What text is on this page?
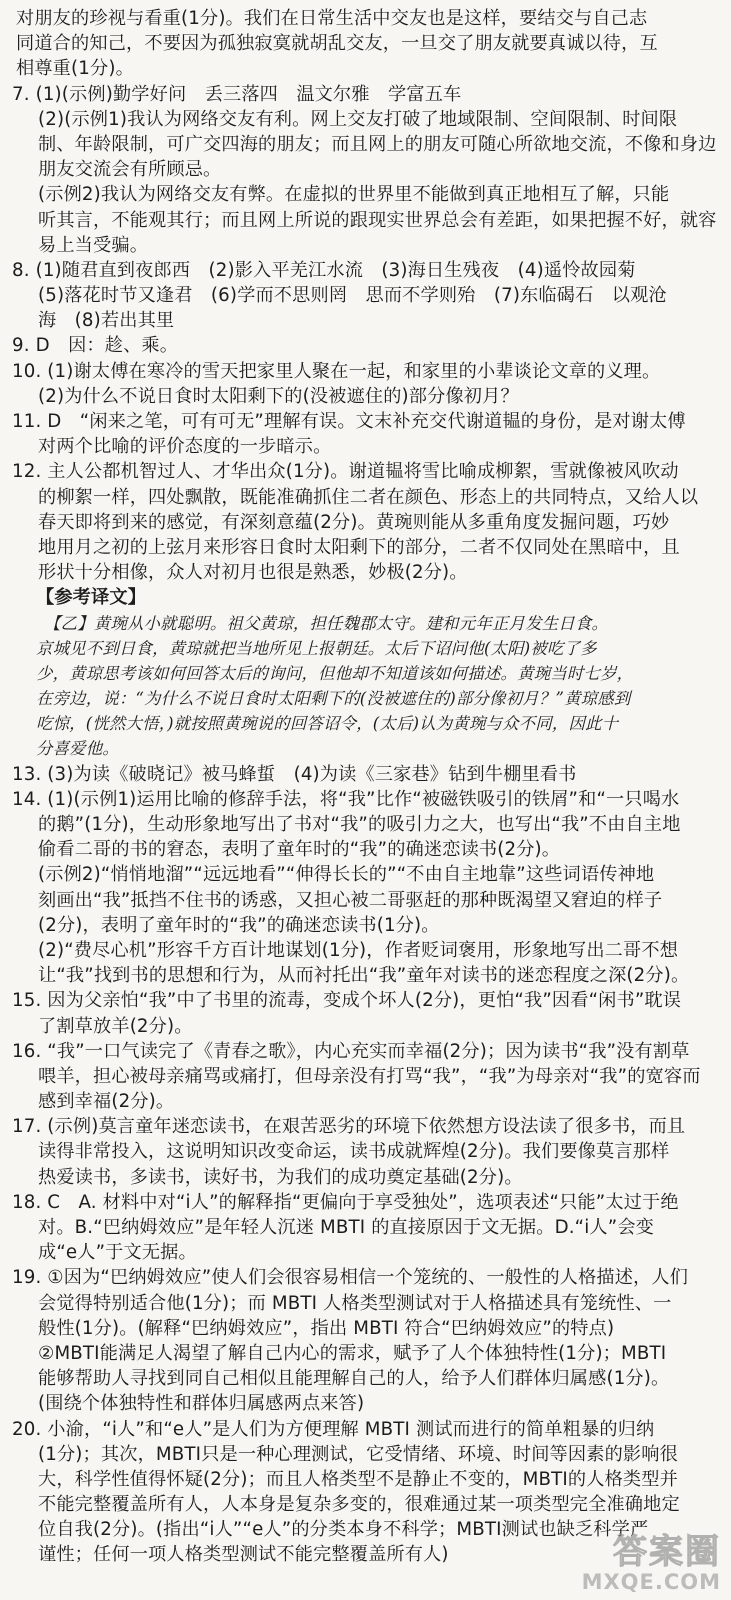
对朋友的珍视与看重(1分)。我们在日常生活中交友也是这样，要结交与自己志
同道合的知己，不要因为孤独寂寞就胡乱交友，一旦交了朋友就要真诚以待，互
相尊重(1分)。
7. (1)(示例)勤学好问　丢三落四　温文尔雅　学富五车
(2)(示例1)我认为网络交友有利。网上交友打破了地域限制、空间限制、时间限
制、年龄限制，可广交四海的朋友；而且网上的朋友可随心所欲地交流，不像和身边
朋友交流会有所顾忌。
(示例2)我认为网络交友有弊。在虚拟的世界里不能做到真正地相互了解，只能
听其言，不能观其行；而且网上所说的跟现实世界总会有差距，如果把握不好，就容
易上当受骗。
8. (1)随君直到夜郎西　(2)影入平羌江水流　(3)海日生残夜　(4)遥怜故园菊
(5)落花时节又逢君　(6)学而不思则罔　思而不学则殆　(7)东临碣石　以观沧
海　(8)若出其里
9. D　因：趁、乘。
10. (1)谢太傅在寒冷的雪天把家里人聚在一起，和家里的小辈谈论文章的义理。
(2)为什么不说日食时太阳剩下的(没被遮住的)部分像初月？
11. D　“闲来之笔，可有可无”理解有误。文末补充交代谢道韫的身份，是对谢太傅
对两个比喻的评价态度的一步暗示。
12. 主人公都机智过人、才华出众(1分)。谢道韫将雪比喻成柳絮，雪就像被风吹动
的柳絮一样，四处飘散，既能准确抓住二者在颜色、形态上的共同特点，又给人以
春天即将到来的感觉，有深刻意蕴(2分)。黄琬则能从多重角度发掘问题，巧妙
地用月之初的上弦月来形容日食时太阳剩下的部分，二者不仅同处在黑暗中，且
形状十分相像，众人对初月也很是熟悉，妙极(2分)。
【参考译文】
【乙】黄琬从小就聪明。祖父黄琼，担任魏郡太守。建和元年正月发生日食。
京城见不到日食，黄琼就把当地所见上报朝廷。太后下诏问他(太阳)被吃了多
少，黄琼思考该如何回答太后的询问，但他却不知道该如何描述。黄琬当时七岁，
在旁边，说：“为什么不说日食时太阳剩下的(没被遮住的)部分像初月？”黄琼感到
吃惊，(恍然大悟，)就按照黄琬说的回答诏令，(太后)认为黄琬与众不同，因此十
分喜爱他。
13. (3)为读《破晓记》被马蜂蜇　(4)为读《三家巷》钻到牛棚里看书
14. (1)(示例1)运用比喻的修辞手法，将“我”比作“被磁铁吸引的铁屑”和“一只喝水
的鹅”(1分)，生动形象地写出了书对“我”的吸引力之大，也写出“我”不由自主地
偷看二哥的书的窘态，表明了童年时的“我”的确迷恋读书(2分)。
(示例2)“悄悄地溜”“远远地看”“伸得长长的”“不由自主地靠”这些词语传神地
刻画出“我”抵挡不住书的诱惑，又担心被二哥驱赶的那种既渴望又窘迫的样子
(2分)，表明了童年时的“我”的确迷恋读书(1分)。
(2)“费尽心机”形容千方百计地谋划(1分)，作者贬词褒用，形象地写出二哥不想
让“我”找到书的思想和行为，从而衬托出“我”童年对读书的迷恋程度之深(2分)。
15. 因为父亲怕“我”中了书里的流毒，变成个坏人(2分)，更怕“我”因看“闲书”耽误
了割草放羊(2分)。
16. “我”一口气读完了《青春之歌》，内心充实而幸福(2分)；因为读书“我”没有割草
喂羊，担心被母亲痛骂或痛打，但母亲没有打骂“我”，“我”为母亲对“我”的宽容而
感到幸福(2分)。
17. (示例)莫言童年迷恋读书，在艰苦恶劣的环境下依然想方设法读了很多书，而且
读得非常投入，这说明知识改变命运，读书成就辉煌(2分)。我们要像莫言那样
热爱读书，多读书，读好书，为我们的成功奠定基础(2分)。
18. C　A. 材料中对“i人”的解释指“更偏向于享受独处”，选项表述“只能”太过于绝
对。B.“巴纳姆效应”是年轻人沉迷 MBTI 的直接原因于文无据。D.“i人”会变
成“e人”于文无据。
19. ①因为“巴纳姆效应”使人们会很容易相信一个笼统的、一般性的人格描述，人们
会觉得特别适合他(1分)；而 MBTI 人格类型测试对于人格描述具有笼统性、一
般性(1分)。(解释“巴纳姆效应”，指出 MBTI 符合“巴纳姆效应”的特点)
②MBTI能满足人渴望了解自己内心的需求，赋予了人个体独特性(1分)；MBTI
能够帮助人寻找到同自己相似且能理解自己的人，给予人们群体归属感(1分)。
(围绕个体独特性和群体归属感两点来答)
20. 小渝，“i人”和“e人”是人们为方便理解 MBTI 测试而进行的简单粗暴的归纳
(1分)；其次，MBTI只是一种心理测试，它受情绪、环境、时间等因素的影响很
大，科学性值得怀疑(2分)；而且人格类型不是静止不变的，MBTI的人格类型并
不能完整覆盖所有人，人本身是复杂多变的，很难通过某一项类型完全准确地定
位自我(2分)。(指出“i人”“e人”的分类本身不科学；MBTI测试也缺乏科学严
谨性；任何一项人格类型测试不能完整覆盖所有人)	答案圈
MXQE.COM
